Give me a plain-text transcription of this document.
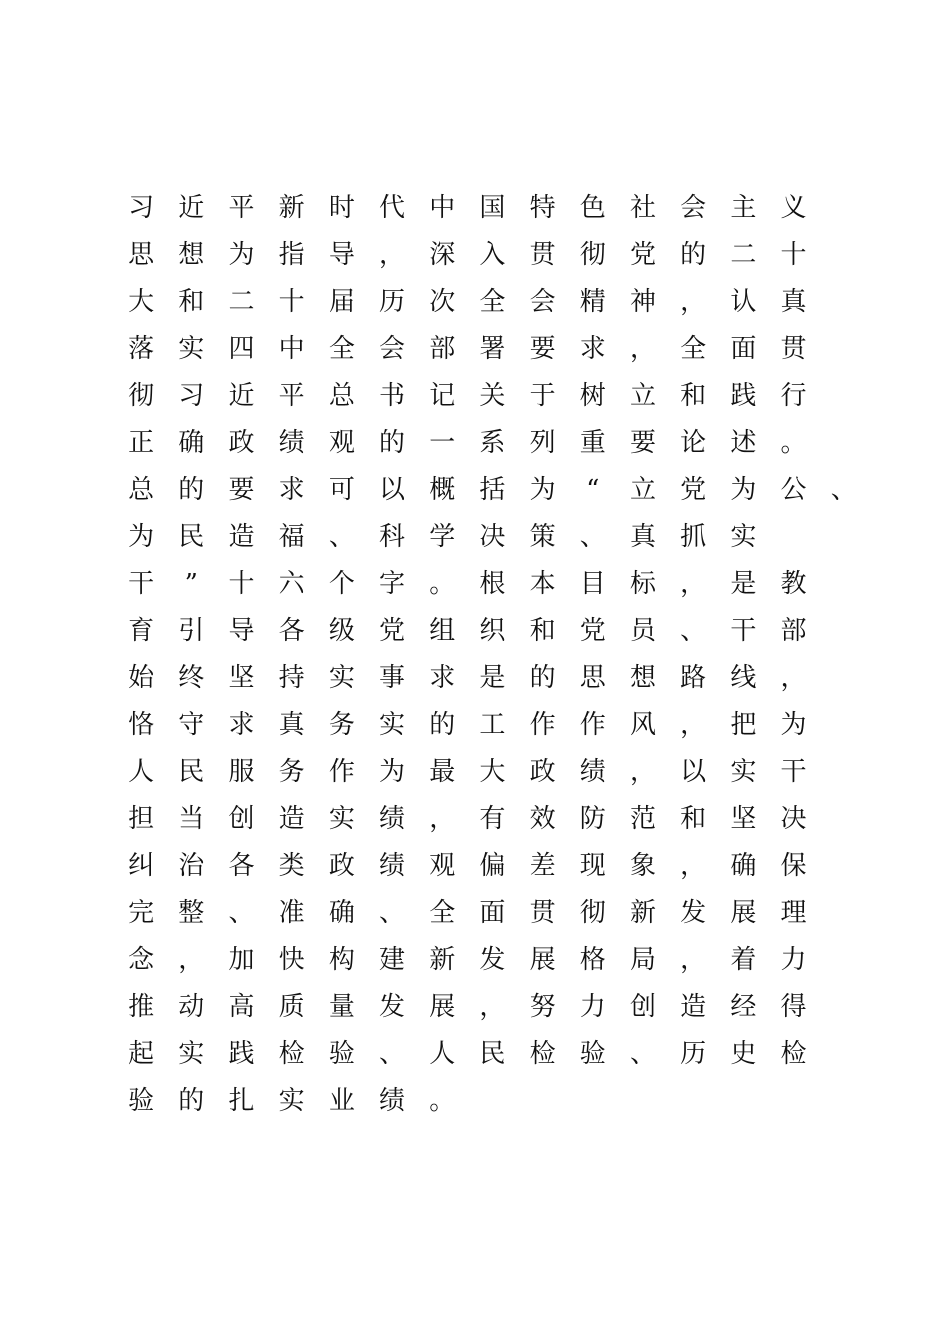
习 近 平 新 时 代 中 国 特 色 社 会 主 义
思 想 为 指 导 ， 深 入 贯 彻 党 的 二 十
大 和 二 十 届 历 次 全 会 精 神 ， 认 真
落 实 四 中 全 会 部 署 要 求 ， 全 面 贯
彻 习 近 平 总 书 记 关 于 树 立 和 践 行
正 确 政 绩 观 的 一 系 列 重 要 论 述 。
总 的 要 求 可 以 概 括 为	“	立 党 为 公 、
为 民 造 福 、 科 学 决 策 、 真 抓 实
干	”	十 六 个 字 。 根 本 目 标 ， 是 教
育 引 导 各 级 党 组 织 和 党 员 、 干 部
始 终 坚 持 实 事 求 是 的 思 想 路 线 ，
恪 守 求 真 务 实 的 工 作 作 风 ， 把 为
人 民 服 务 作 为 最 大 政 绩 ， 以 实 干
担 当 创 造 实 绩 ， 有 效 防 范 和 坚 决
纠 治 各 类 政 绩 观 偏 差 现 象 ， 确 保
完 整 、 准 确 、 全 面 贯 彻 新 发 展 理
念 ， 加 快 构 建 新 发 展 格 局 ， 着 力
推 动 高 质 量 发 展 ， 努 力 创 造 经 得
起 实 践 检 验 、 人 民 检 验 、 历 史 检
验 的 扎 实 业 绩 。
